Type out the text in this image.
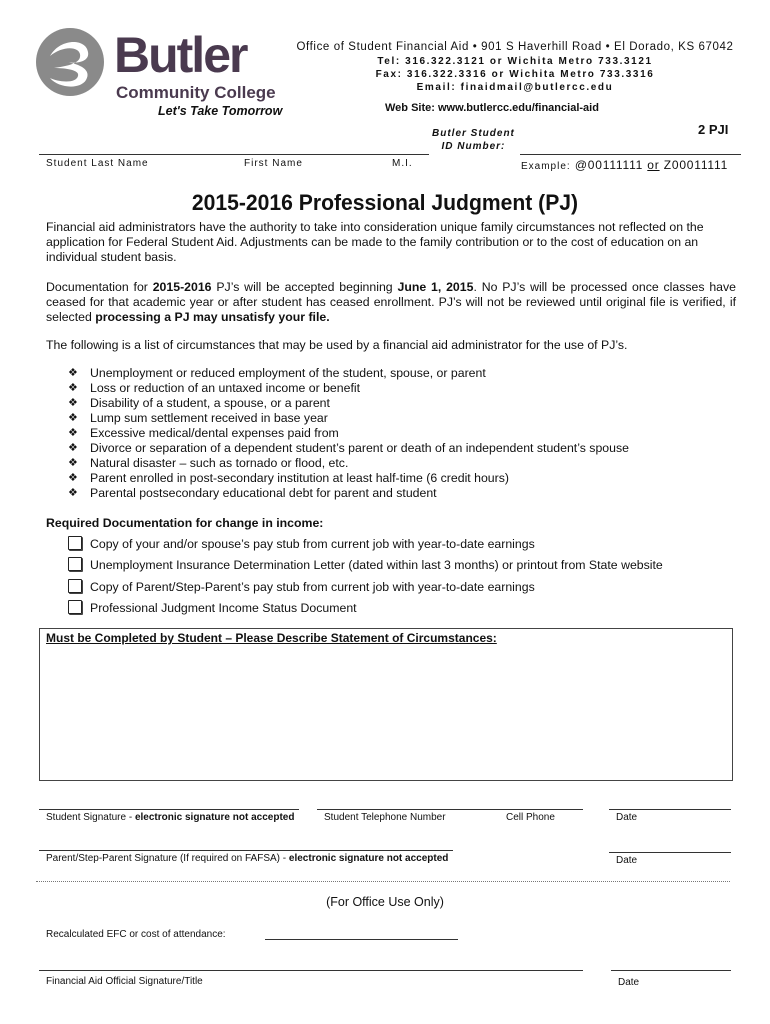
Butler
Community College
Let's Take Tomorrow
Office of Student Financial Aid • 901 S Haverhill Road • El Dorado, KS 67042
Tel: 316.322.3121 or Wichita Metro 733.3121
Fax: 316.322.3316 or Wichita Metro 733.3316
Email: finaidmail@butlercc.edu
Web Site: www.butlercc.edu/financial-aid
Butler Student
ID Number:
2 PJI
Student Last Name	First Name	M.I.	Example: @00111111 or Z00011111
2015-2016 Professional Judgment (PJ)
Financial aid administrators have the authority to take into consideration unique family circumstances not reflected on the application for Federal Student Aid. Adjustments can be made to the family contribution or to the cost of education on an individual student basis.
Documentation for 2015-2016 PJ’s will be accepted beginning June 1, 2015. No PJ’s will be processed once classes have ceased for that academic year or after student has ceased enrollment. PJ’s will not be reviewed until original file is verified, if selected processing a PJ may unsatisfy your file.
The following is a list of circumstances that may be used by a financial aid administrator for the use of PJ’s.
❖ Unemployment or reduced employment of the student, spouse, or parent
❖ Loss or reduction of an untaxed income or benefit
❖ Disability of a student, a spouse, or a parent
❖ Lump sum settlement received in base year
❖ Excessive medical/dental expenses paid from
❖ Divorce or separation of a dependent student’s parent or death of an independent student’s spouse
❖ Natural disaster – such as tornado or flood, etc.
❖ Parent enrolled in post-secondary institution at least half-time (6 credit hours)
❖ Parental postsecondary educational debt for parent and student
Required Documentation for change in income:
Copy of your and/or spouse’s pay stub from current job with year-to-date earnings
Unemployment Insurance Determination Letter (dated within last 3 months) or printout from State website
Copy of Parent/Step-Parent’s pay stub from current job with year-to-date earnings
Professional Judgment Income Status Document
Must be Completed by Student – Please Describe Statement of Circumstances:
Student Signature - electronic signature not accepted	Student Telephone Number	Cell Phone	Date
Parent/Step-Parent Signature (If required on FAFSA) - electronic signature not accepted	Date
(For Office Use Only)
Recalculated EFC or cost of attendance:
Financial Aid Official Signature/Title	Date
